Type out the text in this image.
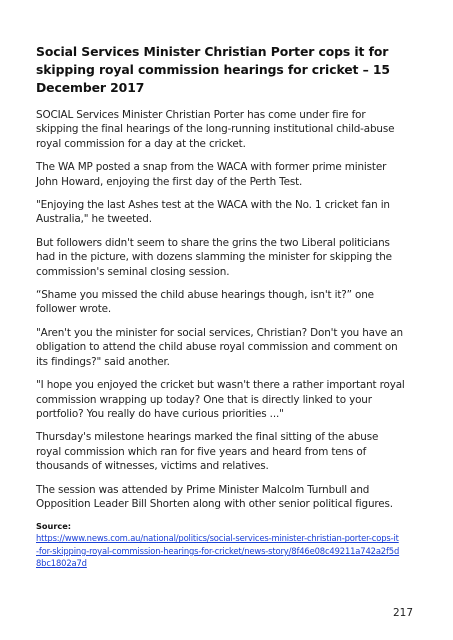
Social Services Minister Christian Porter cops it for skipping royal commission hearings for cricket – 15 December 2017

SOCIAL Services Minister Christian Porter has come under fire for skipping the final hearings of the long-running institutional child-abuse royal commission for a day at the cricket.

The WA MP posted a snap from the WACA with former prime minister John Howard, enjoying the first day of the Perth Test.

"Enjoying the last Ashes test at the WACA with the No. 1 cricket fan in Australia," he tweeted.

But followers didn't seem to share the grins the two Liberal politicians had in the picture, with dozens slamming the minister for skipping the commission's seminal closing session.

“Shame you missed the child abuse hearings though, isn't it?” one follower wrote.

"Aren't you the minister for social services, Christian? Don't you have an obligation to attend the child abuse royal commission and comment on its findings?" said another.

"I hope you enjoyed the cricket but wasn't there a rather important royal commission wrapping up today? One that is directly linked to your portfolio? You really do have curious priorities ..."

Thursday's milestone hearings marked the final sitting of the abuse royal commission which ran for five years and heard from tens of thousands of witnesses, victims and relatives.

The session was attended by Prime Minister Malcolm Turnbull and Opposition Leader Bill Shorten along with other senior political figures.

Source:
https://www.news.com.au/national/politics/social-services-minister-christian-porter-cops-it-for-skipping-royal-commission-hearings-for-cricket/news-story/8f46e08c49211a742a2f5d8bc1802a7d
217
